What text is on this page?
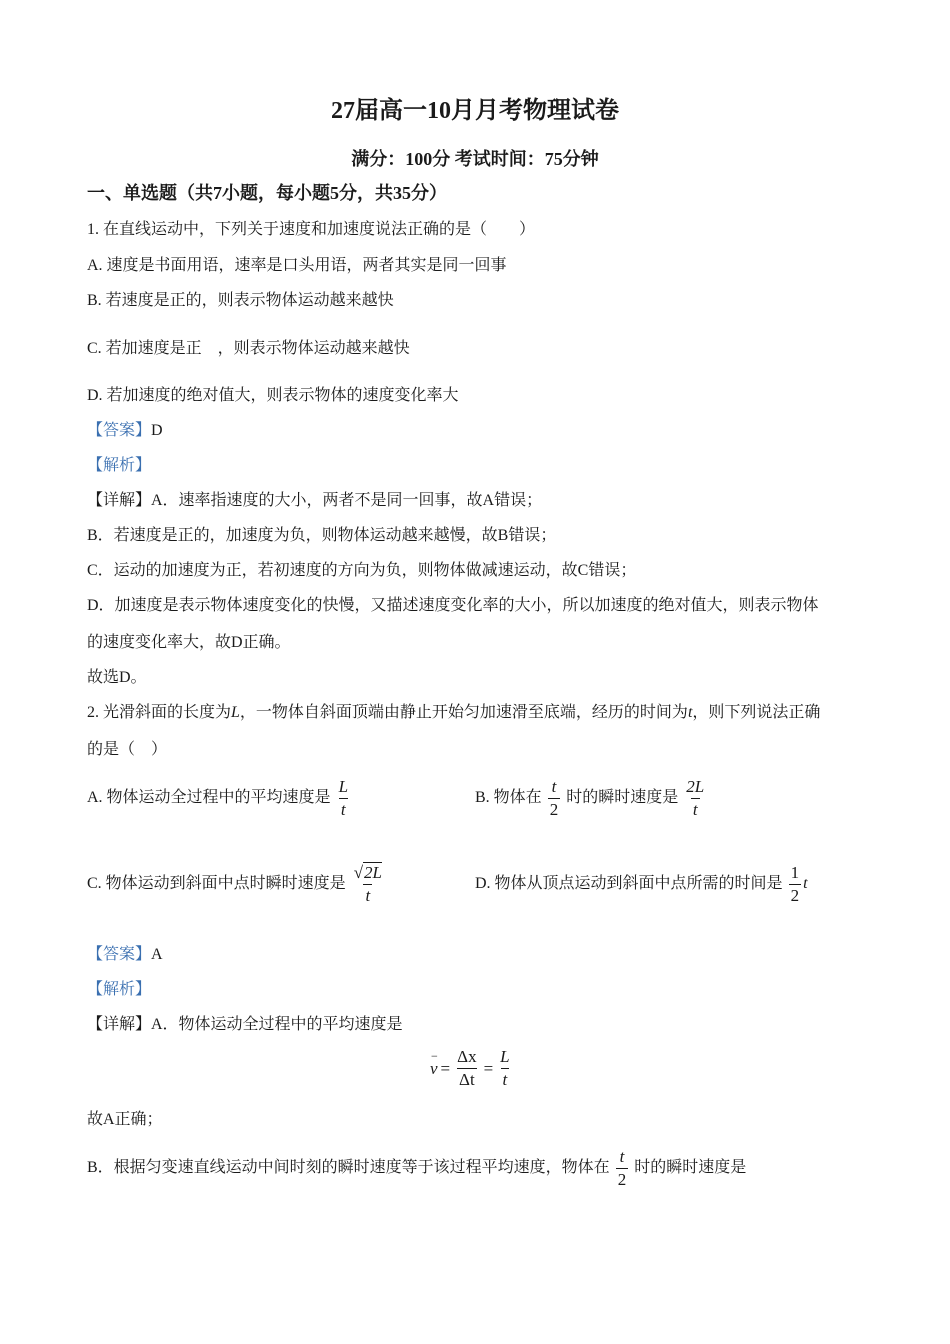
27届高一10月月考物理试卷
满分：100分 考试时间：75分钟
一、单选题（共7小题，每小题5分，共35分）
1. 在直线运动中，下列关于速度和加速度说法正确的是（　　）
A. 速度是书面用语，速率是口头用语，两者其实是同一回事
B. 若速度是正的，则表示物体运动越来越快
C. 若加速度是正　，则表示物体运动越来越快
D. 若加速度的绝对值大，则表示物体的速度变化率大
【答案】D
【解析】
【详解】A．速率指速度的大小，两者不是同一回事，故A错误；
B．若速度是正的，加速度为负，则物体运动越来越慢，故B错误；
C．运动的加速度为正，若初速度的方向为负，则物体做减速运动，故C错误；
D．加速度是表示物体速度变化的快慢，又描述速度变化率的大小，所以加速度的绝对值大，则表示物体
的速度变化率大，故D正确。
故选D。
2. 光滑斜面的长度为L，一物体自斜面顶端由静止开始匀加速滑至底端，经历的时间为t，则下列说法正确
的是（　）
A. 物体运动全过程中的平均速度是 $\frac{L}{t}$	B. 物体在 $\frac{t}{2}$ 时的瞬时速度是 $\frac{2L}{t}$
C. 物体运动到斜面中点时瞬时速度是 $\frac{√2L}{t}$	D. 物体从顶点运动到斜面中点所需的时间是 $\frac{1}{2}$ t
【答案】A
【解析】
【详解】A．物体运动全过程中的平均速度是
− $v = \frac{\Delta x}{\Delta t} = \frac{L}{t}$
故A正确；
B．根据匀变速直线运动中间时刻的瞬时速度等于该过程平均速度，物体在 $\frac{t}{2}$ 时的瞬时速度是
